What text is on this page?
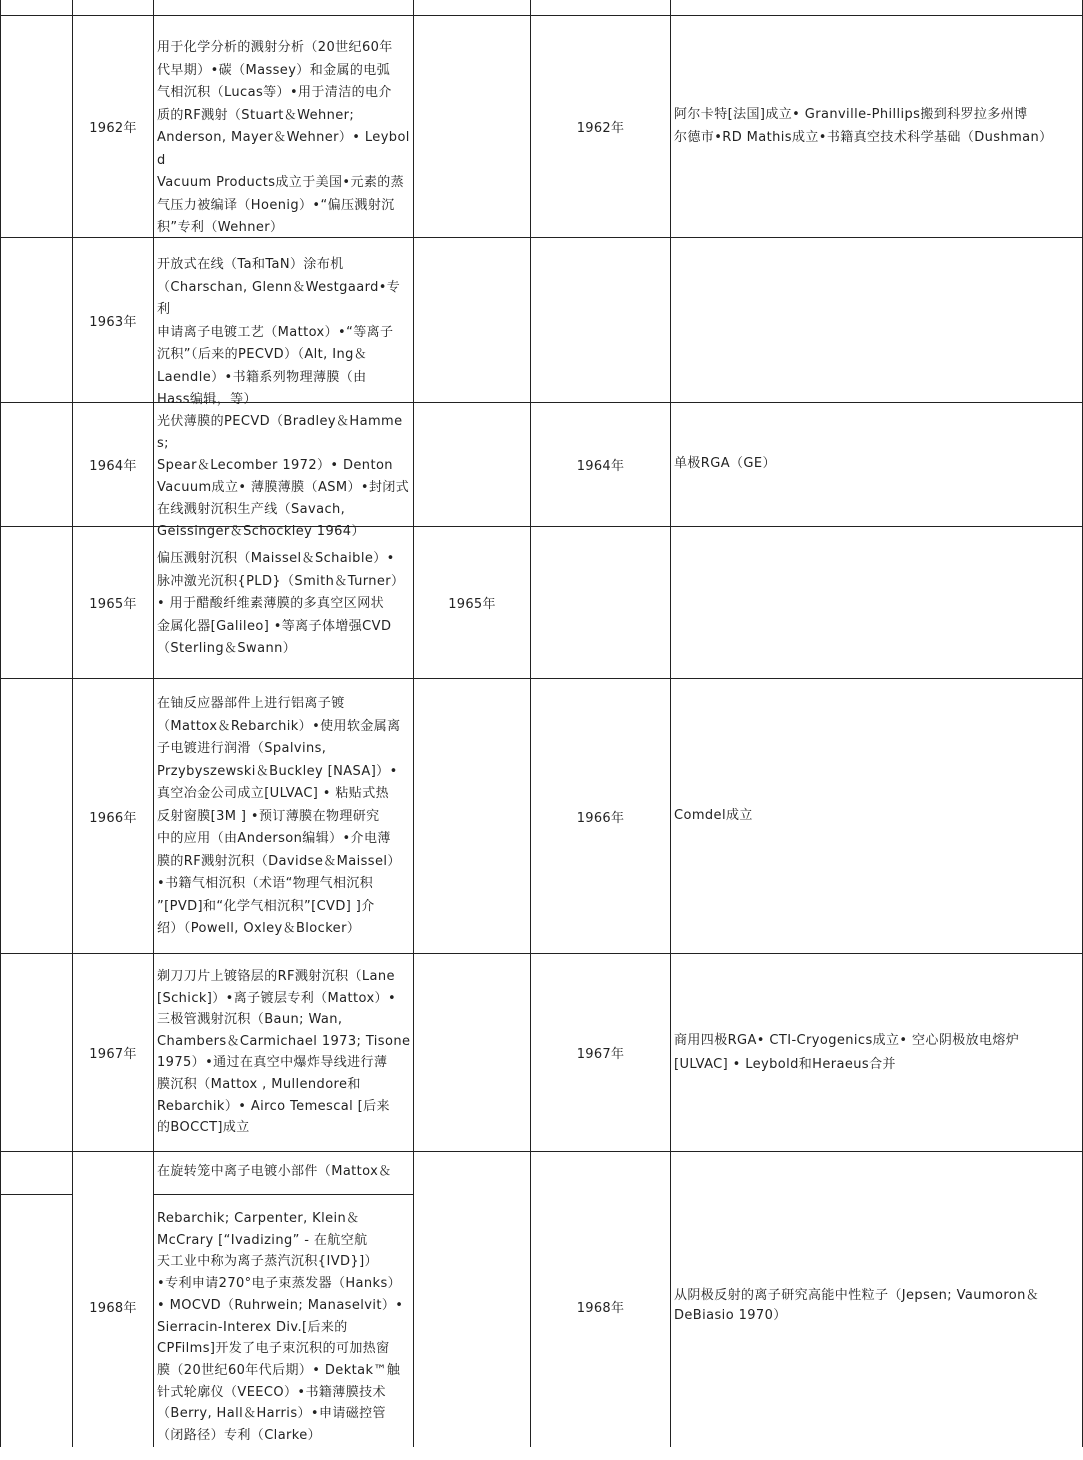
1962年
用于化学分析的溅射分析（20世纪60年
代早期）•碳（Massey）和金属的电弧
气相沉积（Lucas等）•用于清洁的电介
质的RF溅射（Stuart＆Wehner;
Anderson, Mayer＆Wehner）• Leybold
Vacuum Products成立于美国•元素的蒸
气压力被编译（Hoenig）•“偏压溅射沉
积”专利（Wehner）
1962年
阿尔卡特[法国]成立• Granville-Phillips搬到科罗拉多州博
尔德市•RD Mathis成立•书籍真空技术科学基础（Dushman）
1963年
开放式在线（Ta和TaN）涂布机
（Charschan, Glenn＆Westgaard•专利
申请离子电镀工艺（Mattox）•“等离子
沉积”（后来的PECVD）（Alt, Ing＆
Laendle）•书籍系列物理薄膜（由
Hass编辑，等）
1964年
光伏薄膜的PECVD（Bradley＆Hammes;
Spear＆Lecomber 1972）• Denton
Vacuum成立• 薄膜薄膜（ASM）•封闭式
在线溅射沉积生产线（Savach,
Geissinger＆Schockley 1964）
1964年	单极RGA（GE）
1965年
偏压溅射沉积（Maissel＆Schaible）•
脉冲激光沉积{PLD}（Smith＆Turner）
• 用于醋酸纤维素薄膜的多真空区网状
金属化器[Galileo] •等离子体增强CVD
（Sterling＆Swann）
1965年
1966年
在铀反应器部件上进行铝离子镀
（Mattox＆Rebarchik）•使用软金属离
子电镀进行润滑（Spalvins,
Przybyszewski＆Buckley [NASA]）•
真空冶金公司成立[ULVAC] • 粘贴式热
反射窗膜[3M ] •预订薄膜在物理研究
中的应用（由Anderson编辑）•介电薄
膜的RF溅射沉积（Davidse＆Maissel）
•书籍气相沉积（术语“物理气相沉积
”[PVD]和“化学气相沉积”[CVD] ]介
绍）（Powell, Oxley＆Blocker）
1966年	Comdel成立
1967年
剃刀刀片上镀铬层的RF溅射沉积（Lane
[Schick]）•离子镀层专利（Mattox）•
三极管溅射沉积（Baun; Wan,
Chambers＆Carmichael 1973; Tisone
1975）•通过在真空中爆炸导线进行薄
膜沉积（Mattox , Mullendore和
Rebarchik）• Airco Temescal [后来
的BOCCT]成立
1967年
商用四极RGA• CTI-Cryogenics成立• 空心阴极放电熔炉
[ULVAC] • Leybold和Heraeus合并
在旋转笼中离子电镀小部件（Mattox＆
1968年
Rebarchik; Carpenter, Klein＆
McCrary [“Ivadizing” - 在航空航
天工业中称为离子蒸汽沉积{IVD}]）
•专利申请270°电子束蒸发器（Hanks）
• MOCVD（Ruhrwein; Manaselvit）•
Sierracin-Interex Div.[后来的
CPFilms]开发了电子束沉积的可加热窗
膜（20世纪60年代后期）• Dektak™触
针式轮廓仪（VEECO）•书籍薄膜技术
（Berry, Hall＆Harris）•申请磁控管
（闭路径）专利（Clarke）
1968年
从阴极反射的离子研究高能中性粒子（Jepsen; Vaumoron＆
DeBiasio 1970）
